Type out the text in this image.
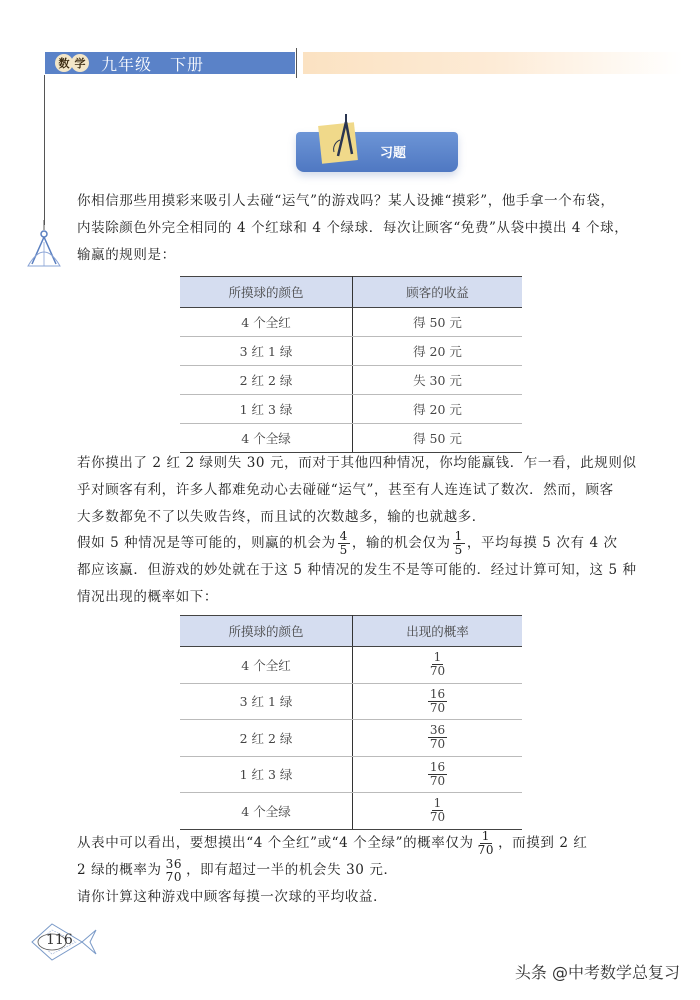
数 学 九年级 下册
习题
你相信那些用摸彩来吸引人去碰“运气”的游戏吗？某人设摊“摸彩”，他手拿一个布袋，
内装除颜色外完全相同的 4 个红球和 4 个绿球．每次让顾客“免费”从袋中摸出 4 个球，
输赢的规则是：
所摸球的颜色	顾客的收益
4 个全红	得 50 元
3 红 1 绿	得 20 元
2 红 2 绿	失 30 元
1 红 3 绿	得 20 元
4 个全绿	得 50 元
若你摸出了 2 红 2 绿则失 30 元，而对于其他四种情况，你均能赢钱．乍一看，此规则似
乎对顾客有利，许多人都难免动心去碰碰“运气”，甚至有人连连试了数次．然而，顾客
大多数都免不了以失败告终，而且试的次数越多，输的也就越多．
假如 5 种情况是等可能的，则赢的机会为 $\frac{4}{5}$ ，输的机会仅为 $\frac{1}{5}$ ，平均每摸 5 次有 4 次
都应该赢．但游戏的妙处就在于这 5 种情况的发生不是等可能的．经过计算可知，这 5 种
情况出现的概率如下：
所摸球的颜色	出现的概率
4 个全红	$\frac{1}{70}$

3 红 1 绿	$\frac{16}{70}$

2 红 2 绿	$\frac{36}{70}$

1 红 3 绿	$\frac{16}{70}$

4 个全绿	$\frac{1}{70}$
从表中可以看出，要想摸出“4 个全红”或“4 个全绿”的概率仅为 $\frac{1}{70}$ ，而摸到 2 红
2 绿的概率为 36
70 ，即有超过一半的机会失 30 元．
请你计算这种游戏中顾客每摸一次球的平均收益．
116
头条 @中考数学总复习
